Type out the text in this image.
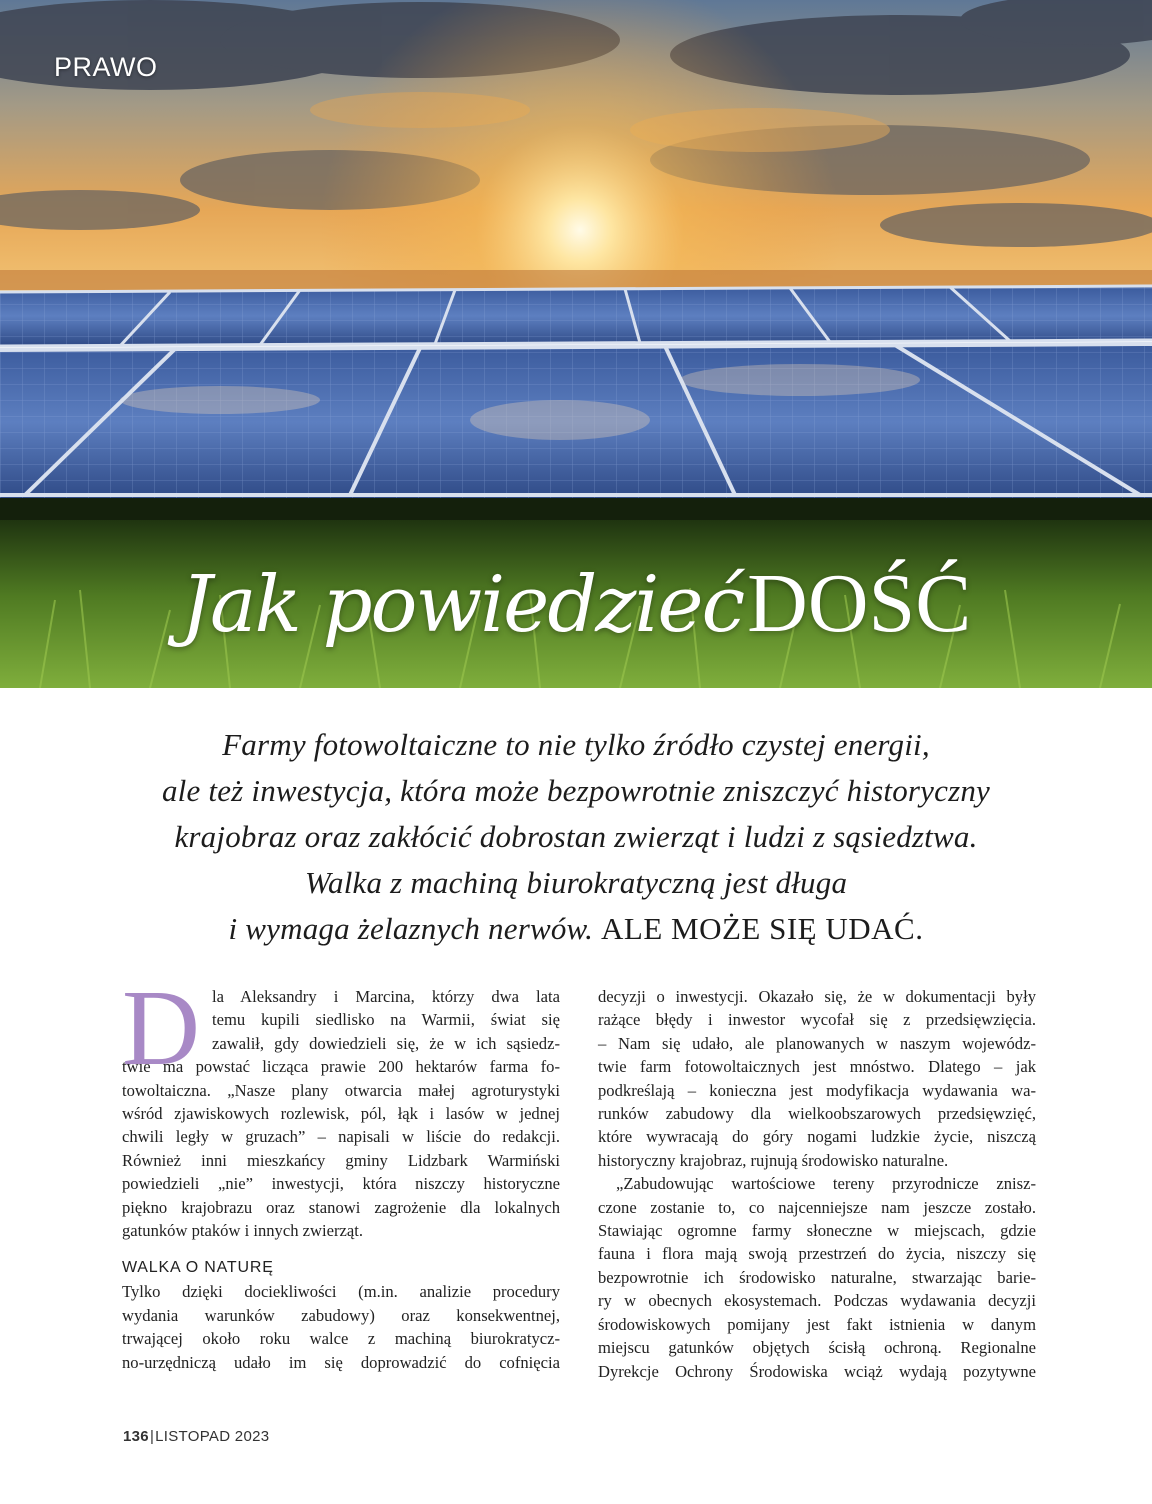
PRAWO
Jak powiedzieć DOŚĆ
Farmy fotowoltaiczne to nie tylko źródło czystej energii,
ale też inwestycja, która może bezpowrotnie zniszczyć historyczny
krajobraz oraz zakłócić dobrostan zwierząt i ludzi z sąsiedztwa.
Walka z machiną biurokratyczną jest długa
i wymaga żelaznych nerwów. ALE MOŻE SIĘ UDAĆ.
D la Aleksandry i Marcina, którzy dwa lata
temu kupili siedlisko na Warmii, świat się
zawalił, gdy dowiedzieli się, że w ich sąsiedz-
twie ma powstać licząca prawie 200 hektarów farma fo-
towoltaiczna. „Nasze plany otwarcia małej agroturystyki
wśród zjawiskowych rozlewisk, pól, łąk i lasów w jednej
chwili legły w gruzach” – napisali w liście do redakcji.
Również inni mieszkańcy gminy Lidzbark Warmiński
powiedzieli „nie” inwestycji, która niszczy historyczne
piękno krajobrazu oraz stanowi zagrożenie dla lokalnych
gatunków ptaków i innych zwierząt.
WALKA O NATURĘ
Tylko dzięki dociekliwości (m.in. analizie procedury
wydania warunków zabudowy) oraz konsekwentnej,
trwającej około roku walce z machiną biurokratycz-
no-urzędniczą udało im się doprowadzić do cofnięcia
decyzji o inwestycji. Okazało się, że w dokumentacji były
rażące błędy i inwestor wycofał się z przedsięwzięcia.
– Nam się udało, ale planowanych w naszym wojewódz-
twie farm fotowoltaicznych jest mnóstwo. Dlatego – jak
podkreślają – konieczna jest modyfikacja wydawania wa-
runków zabudowy dla wielkoobszarowych przedsięwzięć,
które wywracają do góry nogami ludzkie życie, niszczą
historyczny krajobraz, rujnują środowisko naturalne.
„Zabudowując wartościowe tereny przyrodnicze znisz-
czone zostanie to, co najcenniejsze nam jeszcze zostało.
Stawiając ogromne farmy słoneczne w miejscach, gdzie
fauna i flora mają swoją przestrzeń do życia, niszczy się
bezpowrotnie ich środowisko naturalne, stwarzając barie-
ry w obecnych ekosystemach. Podczas wydawania decyzji
środowiskowych pomijany jest fakt istnienia w danym
miejscu gatunków objętych ścisłą ochroną. Regionalne
Dyrekcje Ochrony Środowiska wciąż wydają pozytywne
136|LISTOPAD 2023
